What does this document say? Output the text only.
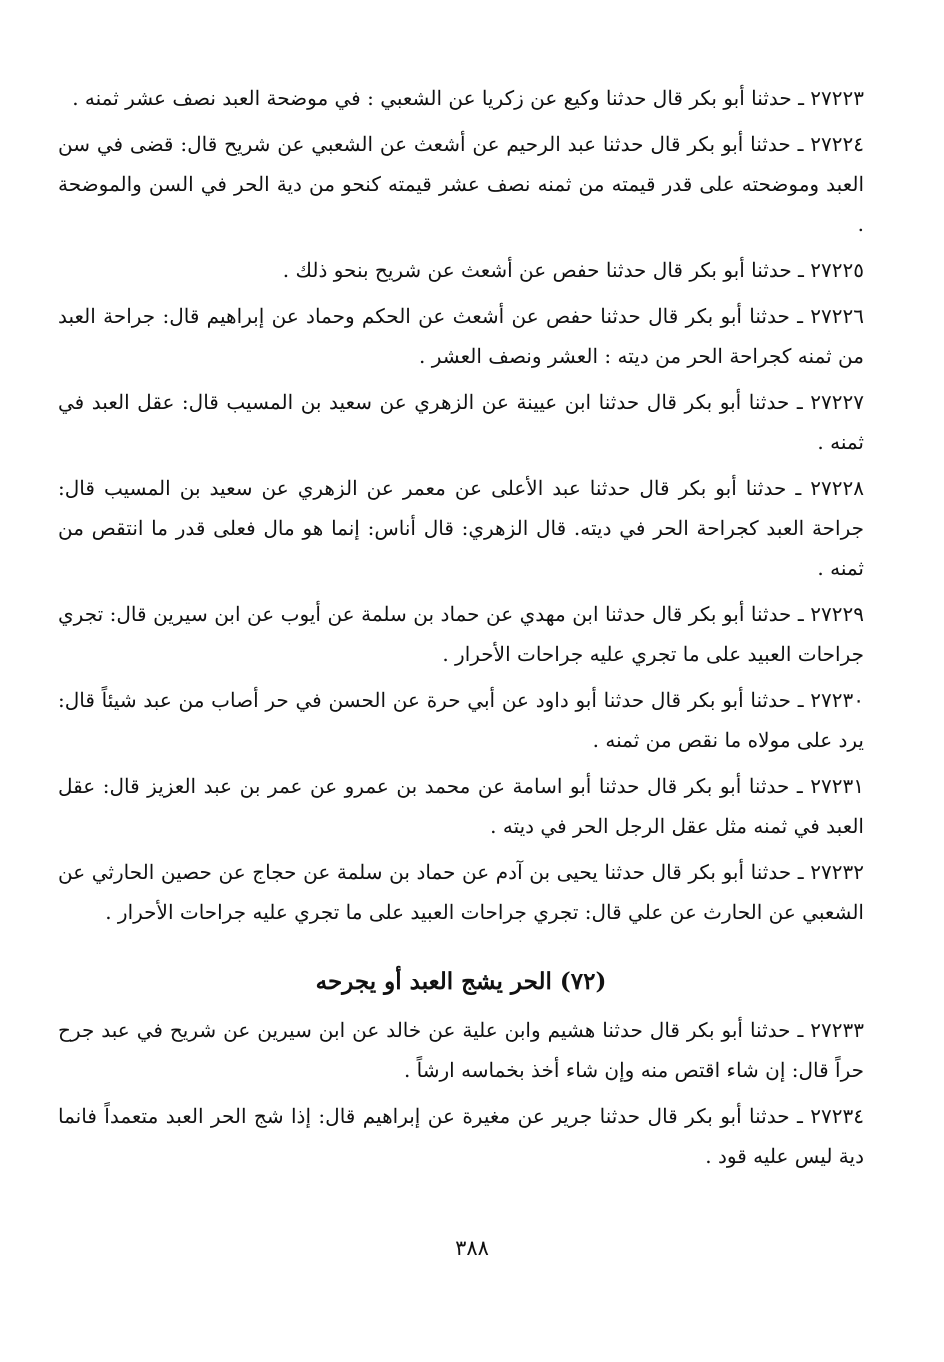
٢٧٢٢٣ ـ حدثنا أبو بكر قال حدثنا وكيع عن زكريا عن الشعبي : في موضحة العبد نصف عشر ثمنه .

٢٧٢٢٤ ـ حدثنا أبو بكر قال حدثنا عبد الرحيم عن أشعث عن الشعبي عن شريح قال: قضى في سن العبد وموضحته على قدر قيمته من ثمنه نصف عشر قيمته كنحو من دية الحر في السن والموضحة .

٢٧٢٢٥ ـ حدثنا أبو بكر قال حدثنا حفص عن أشعث عن شريح بنحو ذلك .

٢٧٢٢٦ ـ حدثنا أبو بكر قال حدثنا حفص عن أشعث عن الحكم وحماد عن إبراهيم قال: جراحة العبد من ثمنه كجراحة الحر من ديته : العشر ونصف العشر .

٢٧٢٢٧ ـ حدثنا أبو بكر قال حدثنا ابن عيينة عن الزهري عن سعيد بن المسيب قال: عقل العبد في ثمنه .

٢٧٢٢٨ ـ حدثنا أبو بكر قال حدثنا عبد الأعلى عن معمر عن الزهري عن سعيد بن المسيب قال: جراحة العبد كجراحة الحر في ديته. قال الزهري: قال أناس: إنما هو مال فعلى قدر ما انتقص من ثمنه .

٢٧٢٢٩ ـ حدثنا أبو بكر قال حدثنا ابن مهدي عن حماد بن سلمة عن أيوب عن ابن سيرين قال: تجري جراحات العبيد على ما تجري عليه جراحات الأحرار .

٢٧٢٣٠ ـ حدثنا أبو بكر قال حدثنا أبو داود عن أبي حرة عن الحسن في حر أصاب من عبد شيئاً قال: يرد على مولاه ما نقص من ثمنه .

٢٧٢٣١ ـ حدثنا أبو بكر قال حدثنا أبو اسامة عن محمد بن عمرو عن عمر بن عبد العزيز قال: عقل العبد في ثمنه مثل عقل الرجل الحر في ديته .

٢٧٢٣٢ ـ حدثنا أبو بكر قال حدثنا يحيى بن آدم عن حماد بن سلمة عن حجاج عن حصين الحارثي عن الشعبي عن الحارث عن علي قال: تجري جراحات العبيد على ما تجري عليه جراحات الأحرار .

(٧٢) الحر يشج العبد أو يجرحه

٢٧٢٣٣ ـ حدثنا أبو بكر قال حدثنا هشيم وابن علية عن خالد عن ابن سيرين عن شريح في عبد جرح حراً قال: إن شاء اقتص منه وإن شاء أخذ بخماسه ارشاً .

٢٧٢٣٤ ـ حدثنا أبو بكر قال حدثنا جرير عن مغيرة عن إبراهيم قال: إذا شج الحر العبد متعمداً فانما دية ليس عليه قود .

٣٨٨
